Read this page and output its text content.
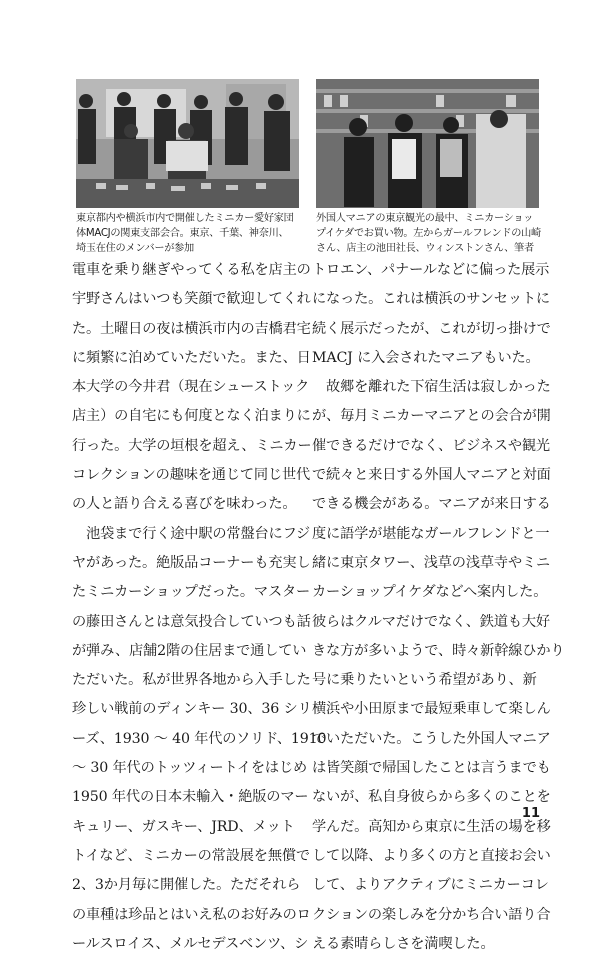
東京都内や横浜市内で開催したミニカー愛好家団
体MACJの関東支部会合。東京、千葉、神奈川、
埼玉在住のメンバーが参加

外国人マニアの東京観光の最中、ミニカーショッ
プイケダでお買い物。左からガールフレンドの山崎
さん、店主の池田社長、ウィンストンさん、筆者

電車を乗り継ぎやってくる私を店主の

宇野さんはいつも笑顔で歓迎してくれ

た。土曜日の夜は横浜市内の吉橋君宅

に頻繁に泊めていただいた。また、日

本大学の今井君（現在シューストック

店主）の自宅にも何度となく泊まりに

行った。大学の垣根を超え、ミニカー

コレクションの趣味を通じて同じ世代

の人と語り合える喜びを味わった。

　池袋まで行く途中駅の常盤台にフジ

ヤがあった。絶版品コーナーも充実し

たミニカーショップだった。マスター

の藤田さんとは意気投合していつも話

が弾み、店舗2階の住居まで通してい

ただいた。私が世界各地から入手した

珍しい戦前のディンキー 30、36 シリ

ーズ、1930 ～ 40 年代のソリド、1910

～ 30 年代のトッツィートイをはじめ

1950 年代の日本未輸入・絶版のマー

キュリー、ガスキー、JRD、メット

トイなど、ミニカーの常設展を無償で

2、3か月毎に開催した。ただそれら

の車種は珍品とはいえ私のお好みのロ

ールスロイス、メルセデスベンツ、シ

トロエン、パナールなどに偏った展示

になった。これは横浜のサンセットに

続く展示だったが、これが切っ掛けで

MACJ に入会されたマニアもいた。

　故郷を離れた下宿生活は寂しかった

が、毎月ミニカーマニアとの会合が開

催できるだけでなく、ビジネスや観光

で続々と来日する外国人マニアと対面

できる機会がある。マニアが来日する

度に語学が堪能なガールフレンドと一

緒に東京タワー、浅草の浅草寺やミニ

カーショップイケダなどへ案内した。

彼らはクルマだけでなく、鉄道も大好

きな方が多いようで、時々新幹線ひかり

号に乗りたいという希望があり、新

横浜や小田原まで最短乗車して楽しん

でいただいた。こうした外国人マニア

は皆笑顔で帰国したことは言うまでも

ないが、私自身彼らから多くのことを

学んだ。高知から東京に生活の場を移

して以降、より多くの方と直接お会い

して、よりアクティブにミニカーコレ

クションの楽しみを分かち合い語り合

える素晴らしさを満喫した。

11
